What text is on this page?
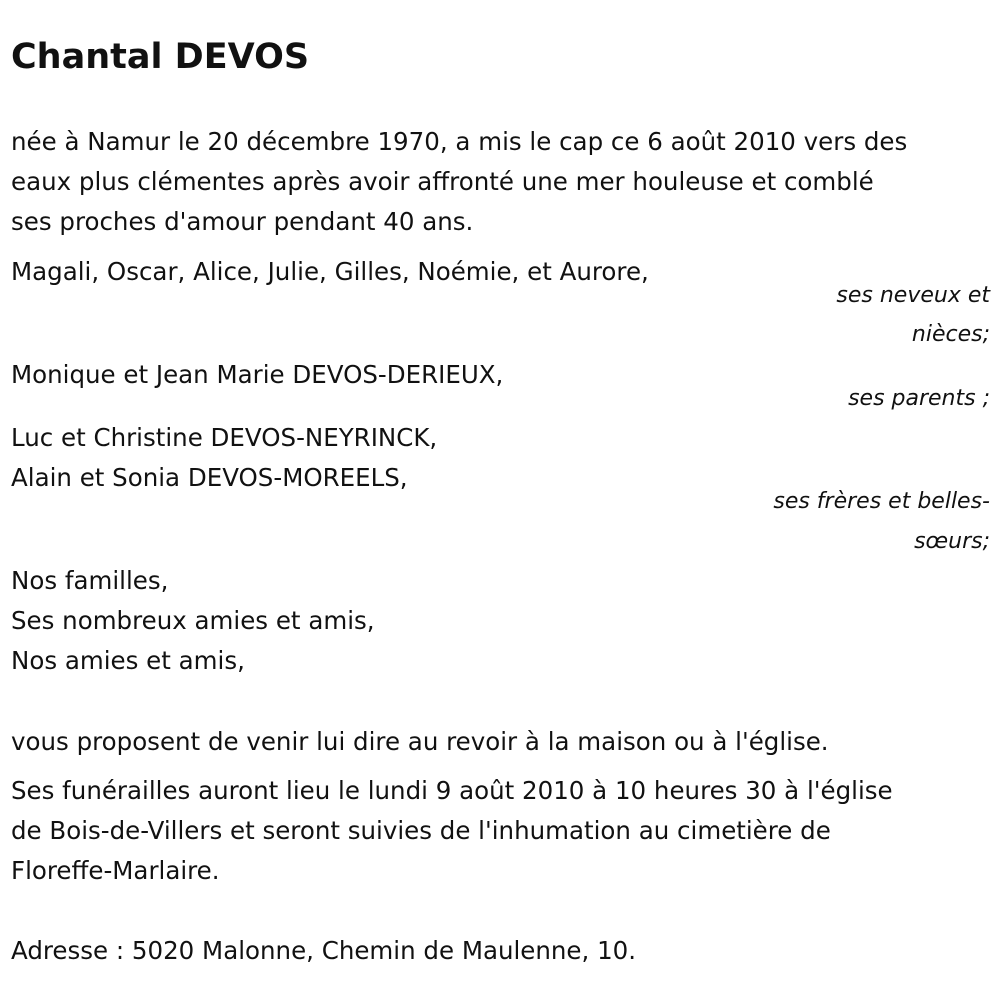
Chantal DEVOS
née à Namur le 20 décembre 1970, a mis le cap ce 6 août 2010 vers des
eaux plus clémentes après avoir affronté une mer houleuse et comblé
ses proches d'amour pendant 40 ans.
Magali, Oscar, Alice, Julie, Gilles, Noémie, et Aurore,
ses neveux et
nièces;
Monique et Jean Marie DEVOS-DERIEUX,
ses parents ;
Luc et Christine DEVOS-NEYRINCK,
Alain et Sonia DEVOS-MOREELS,
ses frères et belles-
sœurs;
Nos familles,
Ses nombreux amies et amis,
Nos amies et amis,
vous proposent de venir lui dire au revoir à la maison ou à l'église.
Ses funérailles auront lieu le lundi 9 août 2010 à 10 heures 30 à l'église
de Bois-de-Villers et seront suivies de l'inhumation au cimetière de
Floreffe-Marlaire.
Adresse : 5020 Malonne, Chemin de Maulenne, 10.
